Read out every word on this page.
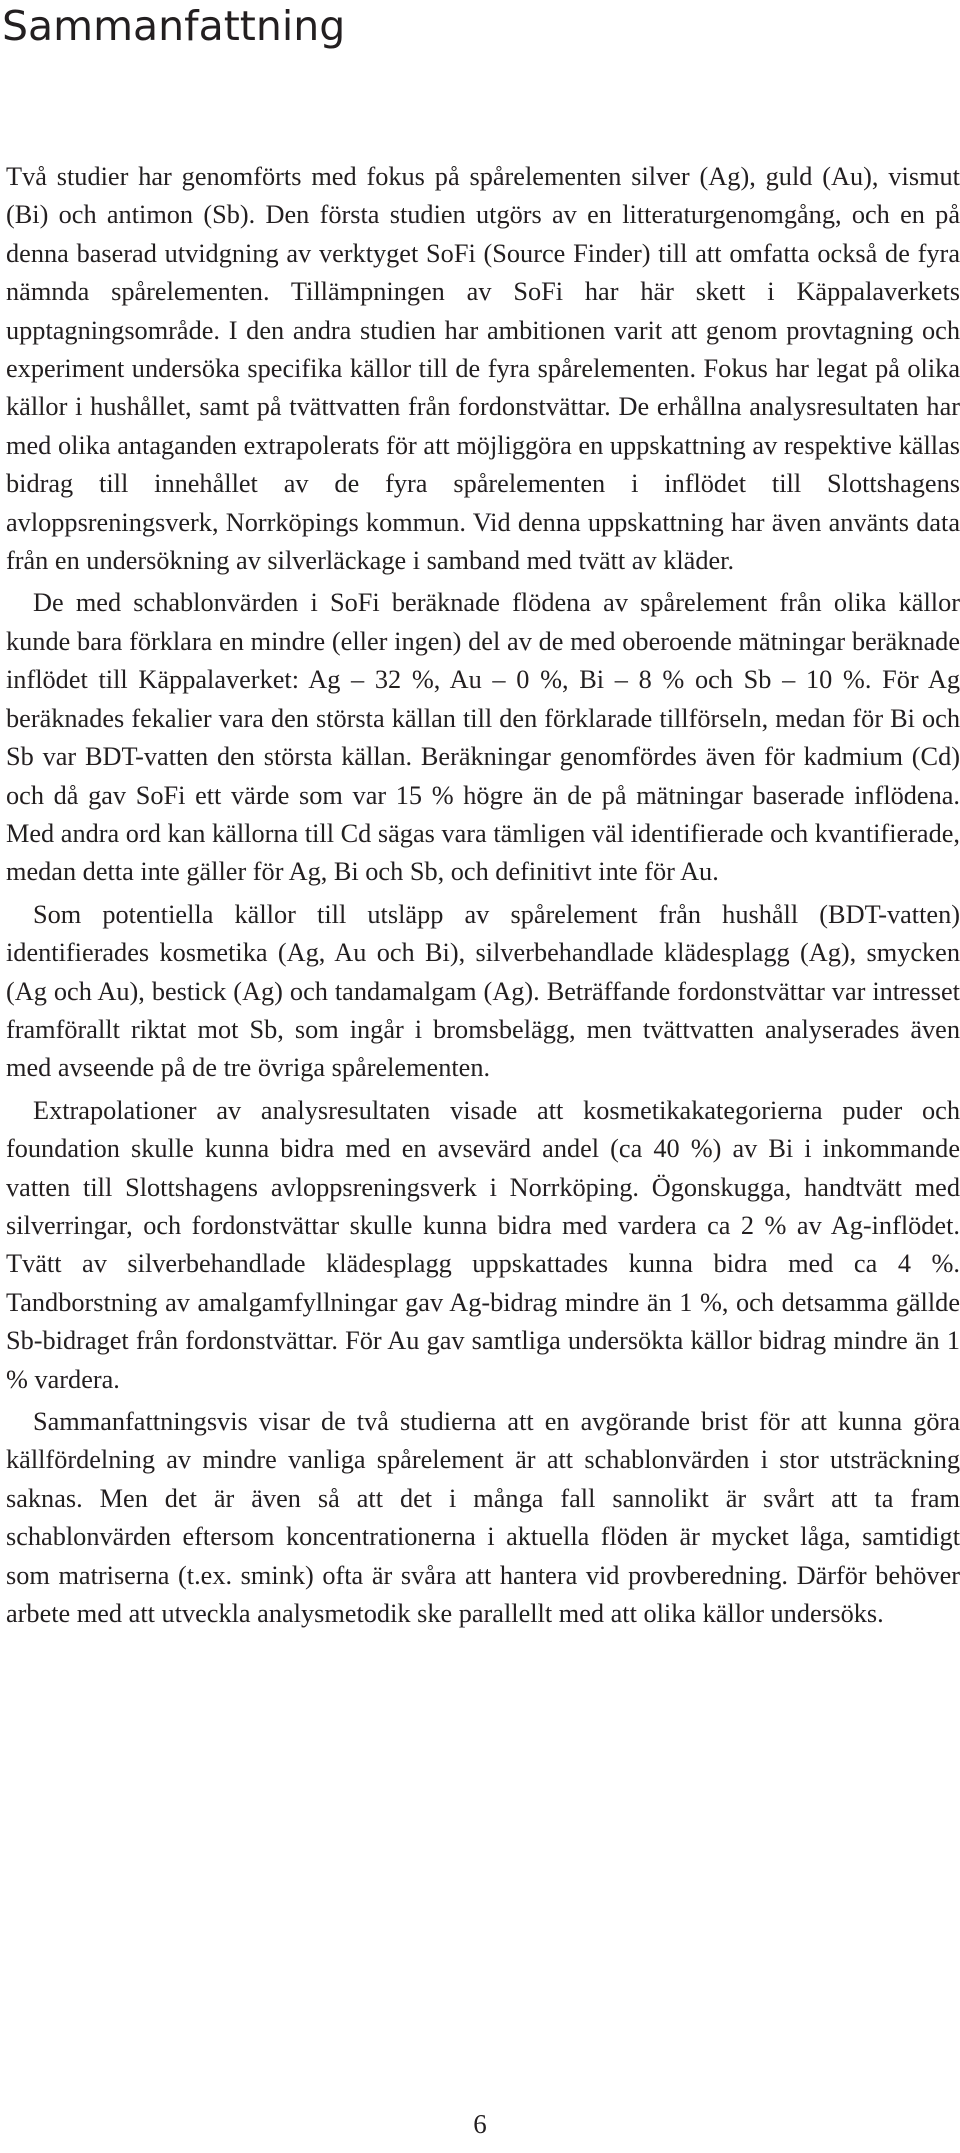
Sammanfattning

Två studier har genomförts med fokus på spårelementen silver (Ag), guld (Au), vismut (Bi) och antimon (Sb). Den första studien utgörs av en litteraturgenomgång, och en på denna baserad utvidgning av verktyget SoFi (Source Finder) till att omfatta också de fyra nämnda spårelementen. Tillämpningen av SoFi har här skett i Käppalaverkets upptagningsområde. I den andra studien har ambitionen varit att genom provtagning och experiment undersöka specifika källor till de fyra spårelementen. Fokus har legat på olika källor i hushållet, samt på tvättvatten från fordonstvättar. De erhållna analysresultaten har med olika antaganden extrapolerats för att möjliggöra en uppskattning av respektive källas bidrag till innehållet av de fyra spårelementen i inflödet till Slottshagens avloppsreningsverk, Norrköpings kommun. Vid denna uppskattning har även använts data från en undersökning av silverläckage i samband med tvätt av kläder.

De med schablonvärden i SoFi beräknade flödena av spårelement från olika källor kunde bara förklara en mindre (eller ingen) del av de med oberoende mätningar beräknade inflödet till Käppalaverket: Ag – 32 %, Au – 0 %, Bi – 8 % och Sb – 10 %. För Ag beräknades fekalier vara den största källan till den förklarade tillförseln, medan för Bi och Sb var BDT-vatten den största källan. Beräkningar genomfördes även för kadmium (Cd) och då gav SoFi ett värde som var 15 % högre än de på mätningar baserade inflödena. Med andra ord kan källorna till Cd sägas vara tämligen väl identifierade och kvantifierade, medan detta inte gäller för Ag, Bi och Sb, och definitivt inte för Au.

Som potentiella källor till utsläpp av spårelement från hushåll (BDT-vatten) identifierades kosmetika (Ag, Au och Bi), silverbehandlade klädesplagg (Ag), smycken (Ag och Au), bestick (Ag) och tandamalgam (Ag). Beträffande fordonstvättar var intresset framförallt riktat mot Sb, som ingår i bromsbelägg, men tvättvatten analyserades även med avseende på de tre övriga spårelementen.

Extrapolationer av analysresultaten visade att kosmetikakategorierna puder och foundation skulle kunna bidra med en avsevärd andel (ca 40 %) av Bi i inkommande vatten till Slottshagens avloppsreningsverk i Norrköping. Ögonskugga, handtvätt med silverringar, och fordonstvättar skulle kunna bidra med vardera ca 2 % av Ag-inflödet. Tvätt av silverbehandlade klädesplagg uppskattades kunna bidra med ca 4 %. Tandborstning av amalgamfyllningar gav Ag-bidrag mindre än 1 %, och detsamma gällde Sb-bidraget från fordonstvättar. För Au gav samtliga undersökta källor bidrag mindre än 1 % vardera.

Sammanfattningsvis visar de två studierna att en avgörande brist för att kunna göra källfördelning av mindre vanliga spårelement är att schablonvärden i stor utsträckning saknas. Men det är även så att det i många fall sannolikt är svårt att ta fram schablonvärden eftersom koncentrationerna i aktuella flöden är mycket låga, samtidigt som matriserna (t.ex. smink) ofta är svåra att hantera vid provberedning. Därför behöver arbete med att utveckla analysmetodik ske parallellt med att olika källor undersöks.

6
